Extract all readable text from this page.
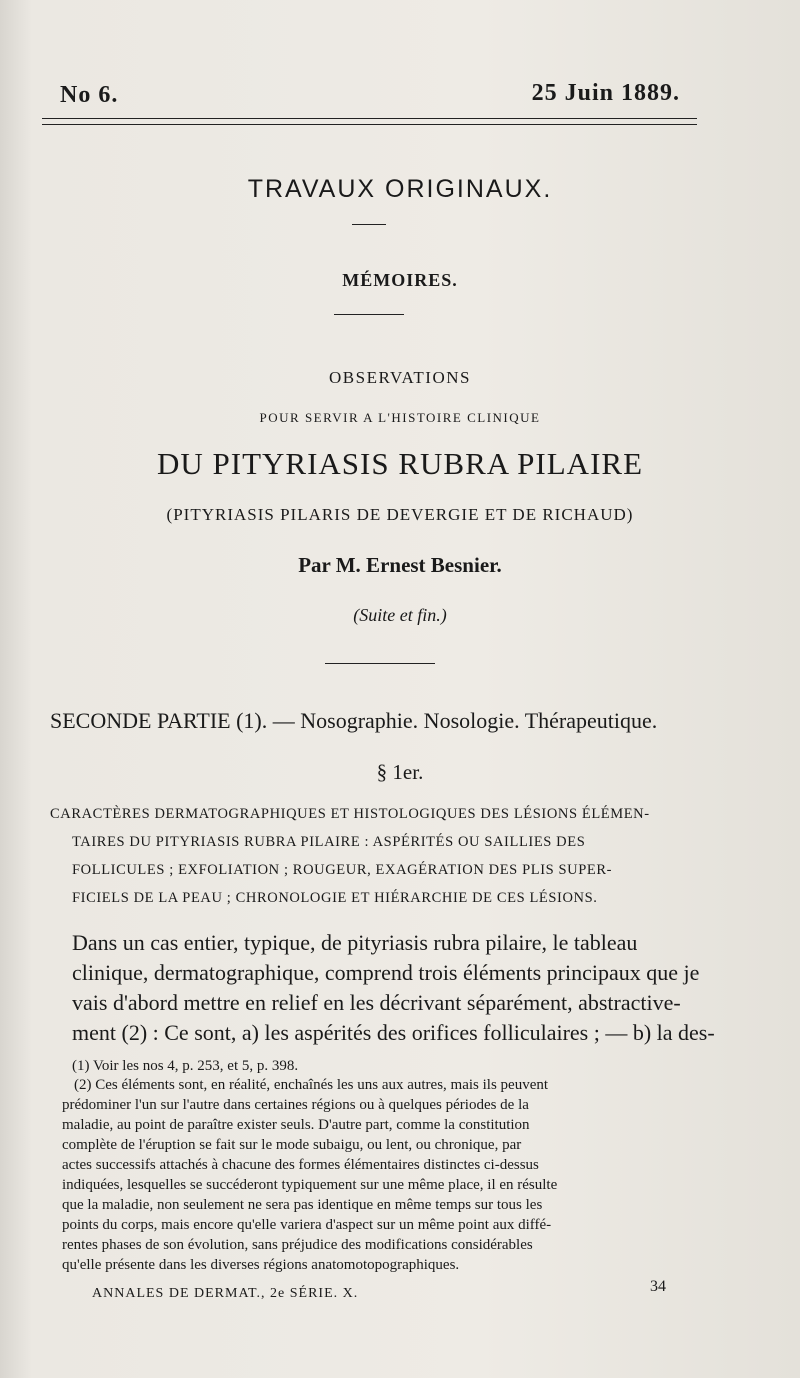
No 6.	25 Juin 1889.
TRAVAUX ORIGINAUX.
MÉMOIRES.
OBSERVATIONS
POUR SERVIR A L'HISTOIRE CLINIQUE
DU PITYRIASIS RUBRA PILAIRE
(PITYRIASIS PILARIS DE DEVERGIE ET DE RICHAUD)
Par M. Ernest Besnier.
(Suite et fin.)
SECONDE PARTIE (1). — Nosographie. Nosologie. Thérapeutique.
§ 1er.
CARACTÈRES DERMATOGRAPHIQUES ET HISTOLOGIQUES DES LÉSIONS ÉLÉMEN-

TAIRES DU PITYRIASIS RUBRA PILAIRE : ASPÉRITÉS OU SAILLIES DES
FOLLICULES ; EXFOLIATION ; ROUGEUR, EXAGÉRATION DES PLIS SUPER-
FICIELS DE LA PEAU ; CHRONOLOGIE ET HIÉRARCHIE DE CES LÉSIONS.
Dans un cas entier, typique, de pityriasis rubra pilaire, le tableau
clinique, dermatographique, comprend trois éléments principaux que je
vais d'abord mettre en relief en les décrivant séparément, abstractive-
ment (2) : Ce sont, a) les aspérités des orifices folliculaires ; — b) la des-
(1) Voir les nos 4, p. 253, et 5, p. 398.
(2) Ces éléments sont, en réalité, enchaînés les uns aux autres, mais ils peuvent
prédominer l'un sur l'autre dans certaines régions ou à quelques périodes de la
maladie, au point de paraître exister seuls. D'autre part, comme la constitution
complète de l'éruption se fait sur le mode subaigu, ou lent, ou chronique, par
actes successifs attachés à chacune des formes élémentaires distinctes ci-dessus
indiquées, lesquelles se succéderont typiquement sur une même place, il en résulte
que la maladie, non seulement ne sera pas identique en même temps sur tous les
points du corps, mais encore qu'elle variera d'aspect sur un même point aux diffé-
rentes phases de son évolution, sans préjudice des modifications considérables
qu'elle présente dans les diverses régions anatomotopographiques.
ANNALES DE DERMAT., 2e SÉRIE. X.	34
